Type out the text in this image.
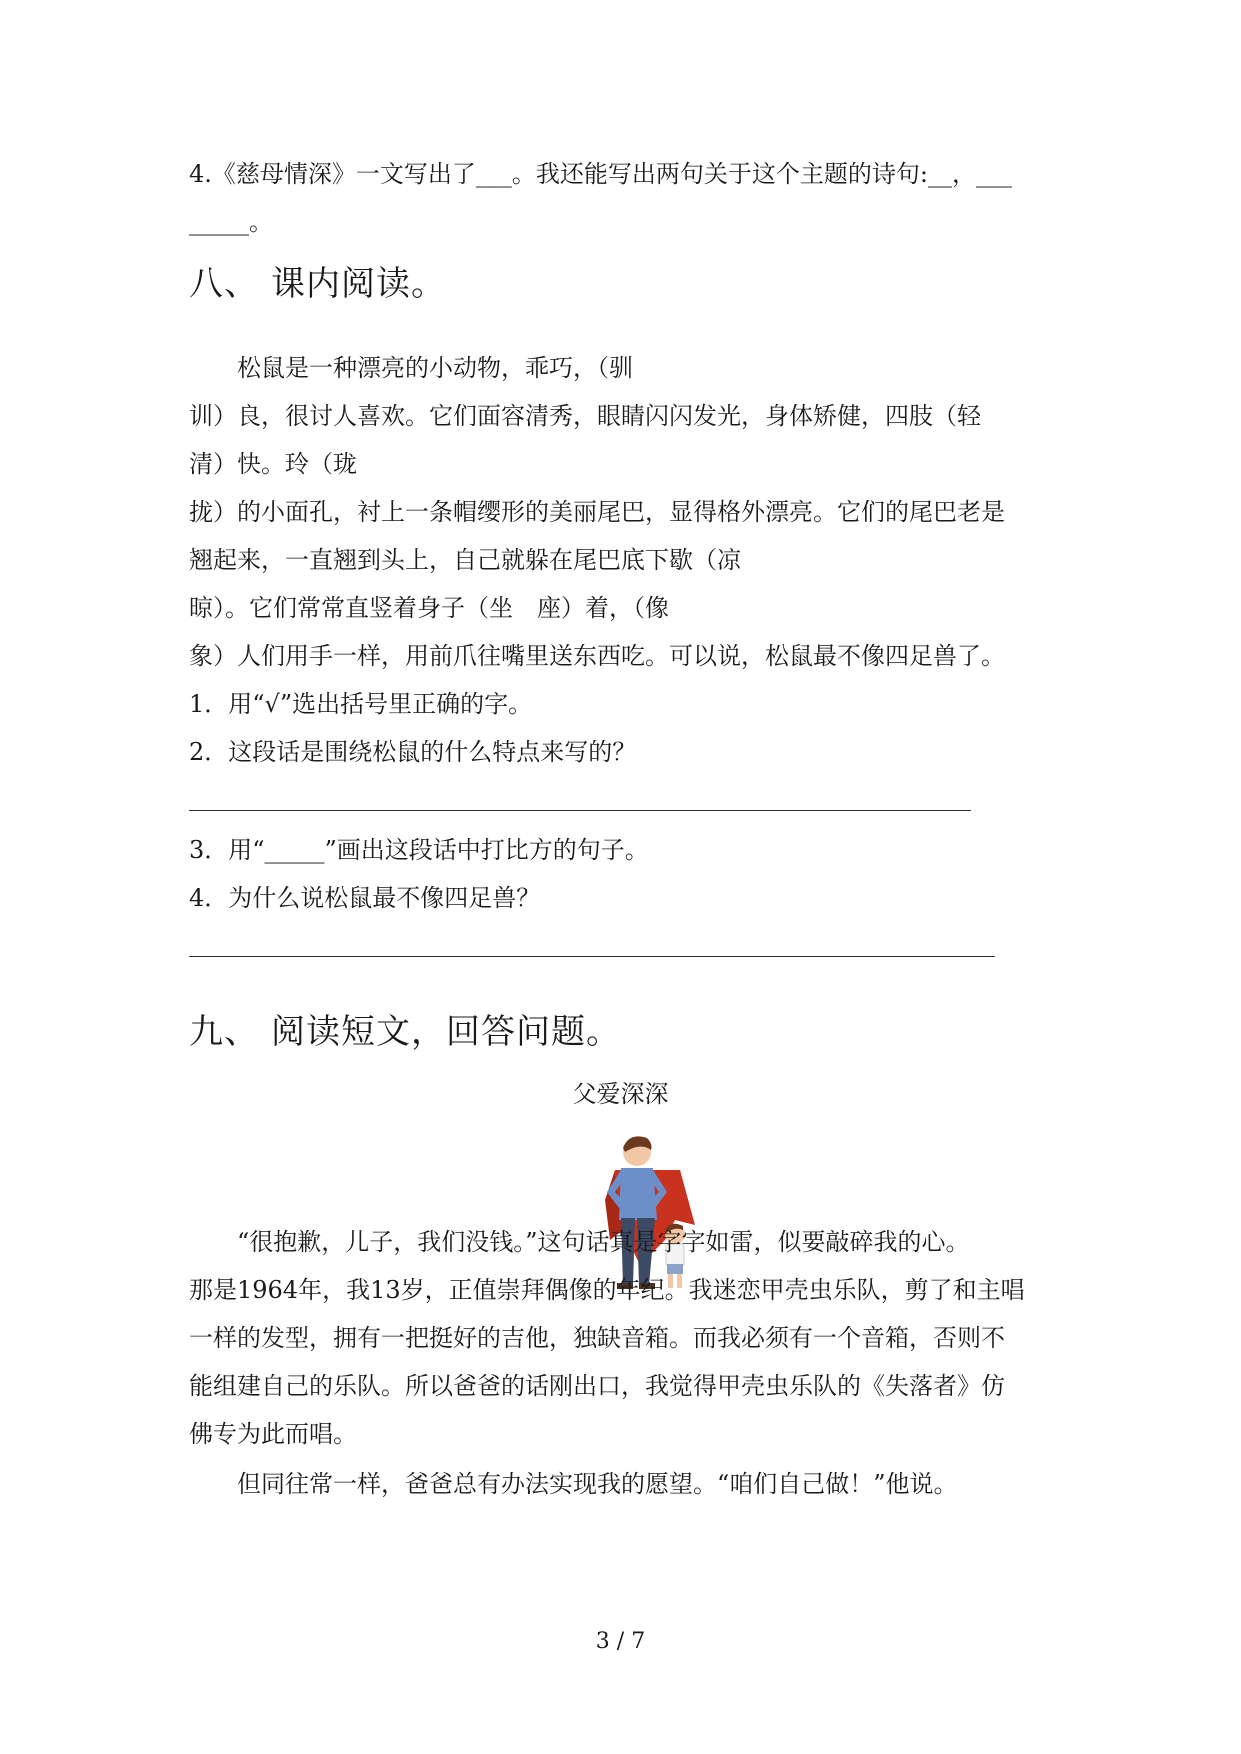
4.《慈母情深》一文写出了___。我还能写出两句关于这个主题的诗句:__，___
_____。
八、 课内阅读。
　　松鼠是一种漂亮的小动物，乖巧，（驯
训）良，很讨人喜欢。它们面容清秀，眼睛闪闪发光，身体矫健，四肢（轻
清）快。玲（珑
拢）的小面孔，衬上一条帽缨形的美丽尾巴，显得格外漂亮。它们的尾巴老是
翘起来，一直翘到头上，自己就躲在尾巴底下歇（凉
晾）。它们常常直竖着身子（坐　座）着，（像
象）人们用手一样，用前爪往嘴里送东西吃。可以说，松鼠最不像四足兽了。
1．用“√”选出括号里正确的字。
2．这段话是围绕松鼠的什么特点来写的？
3．用“_____”画出这段话中打比方的句子。
4．为什么说松鼠最不像四足兽？
九、 阅读短文，回答问题。
父爱深深
　　“很抱歉，儿子，我们没钱。”这句话真是字字如雷，似要敲碎我的心。
那是1964年，我13岁，正值崇拜偶像的年纪。我迷恋甲壳虫乐队，剪了和主唱
一样的发型，拥有一把挺好的吉他，独缺音箱。而我必须有一个音箱，否则不
能组建自己的乐队。所以爸爸的话刚出口，我觉得甲壳虫乐队的《失落者》仿
佛专为此而唱。
　　但同往常一样，爸爸总有办法实现我的愿望。“咱们自己做！”他说。
3 / 7
